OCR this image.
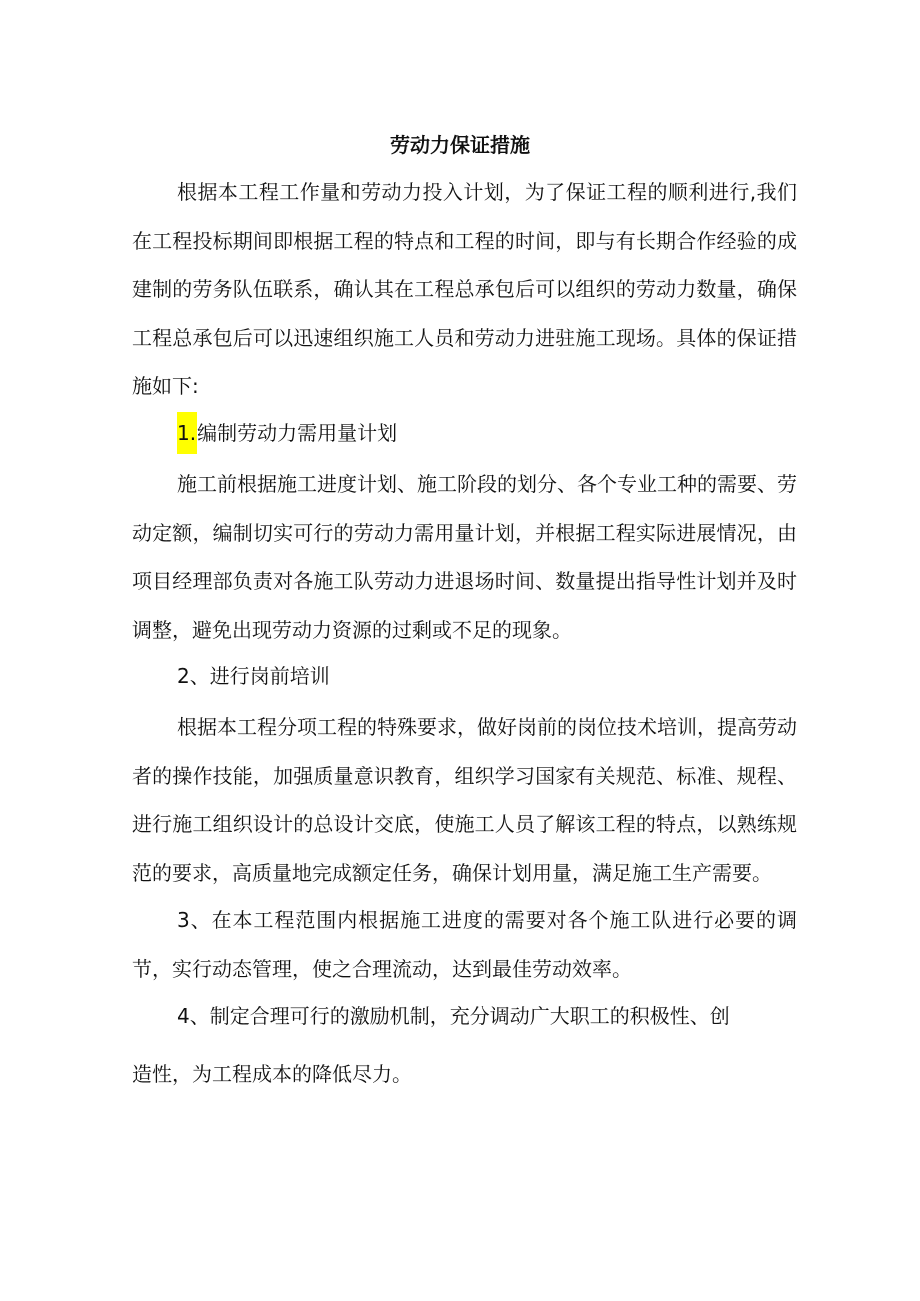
劳动力保证措施

根据本工程工作量和劳动力投入计划，为了保证工程的顺利进行,我们在工程投标期间即根据工程的特点和工程的时间，即与有长期合作经验的成建制的劳务队伍联系，确认其在工程总承包后可以组织的劳动力数量，确保工程总承包后可以迅速组织施工人员和劳动力进驻施工现场。具体的保证措施如下:

1.编制劳动力需用量计划

施工前根据施工进度计划、施工阶段的划分、各个专业工种的需要、劳动定额，编制切实可行的劳动力需用量计划，并根据工程实际进展情况，由项目经理部负责对各施工队劳动力进退场时间、数量提出指导性计划并及时调整，避免出现劳动力资源的过剩或不足的现象。

2、进行岗前培训

根据本工程分项工程的特殊要求，做好岗前的岗位技术培训，提高劳动者的操作技能，加强质量意识教育，组织学习国家有关规范、标准、规程、进行施工组织设计的总设计交底，使施工人员了解该工程的特点，以熟练规范的要求，高质量地完成额定任务，确保计划用量，满足施工生产需要。

3、在本工程范围内根据施工进度的需要对各个施工队进行必要的调节，实行动态管理，使之合理流动，达到最佳劳动效率。

4、制定合理可行的激励机制，充分调动广大职工的积极性、创
造性，为工程成本的降低尽力。
